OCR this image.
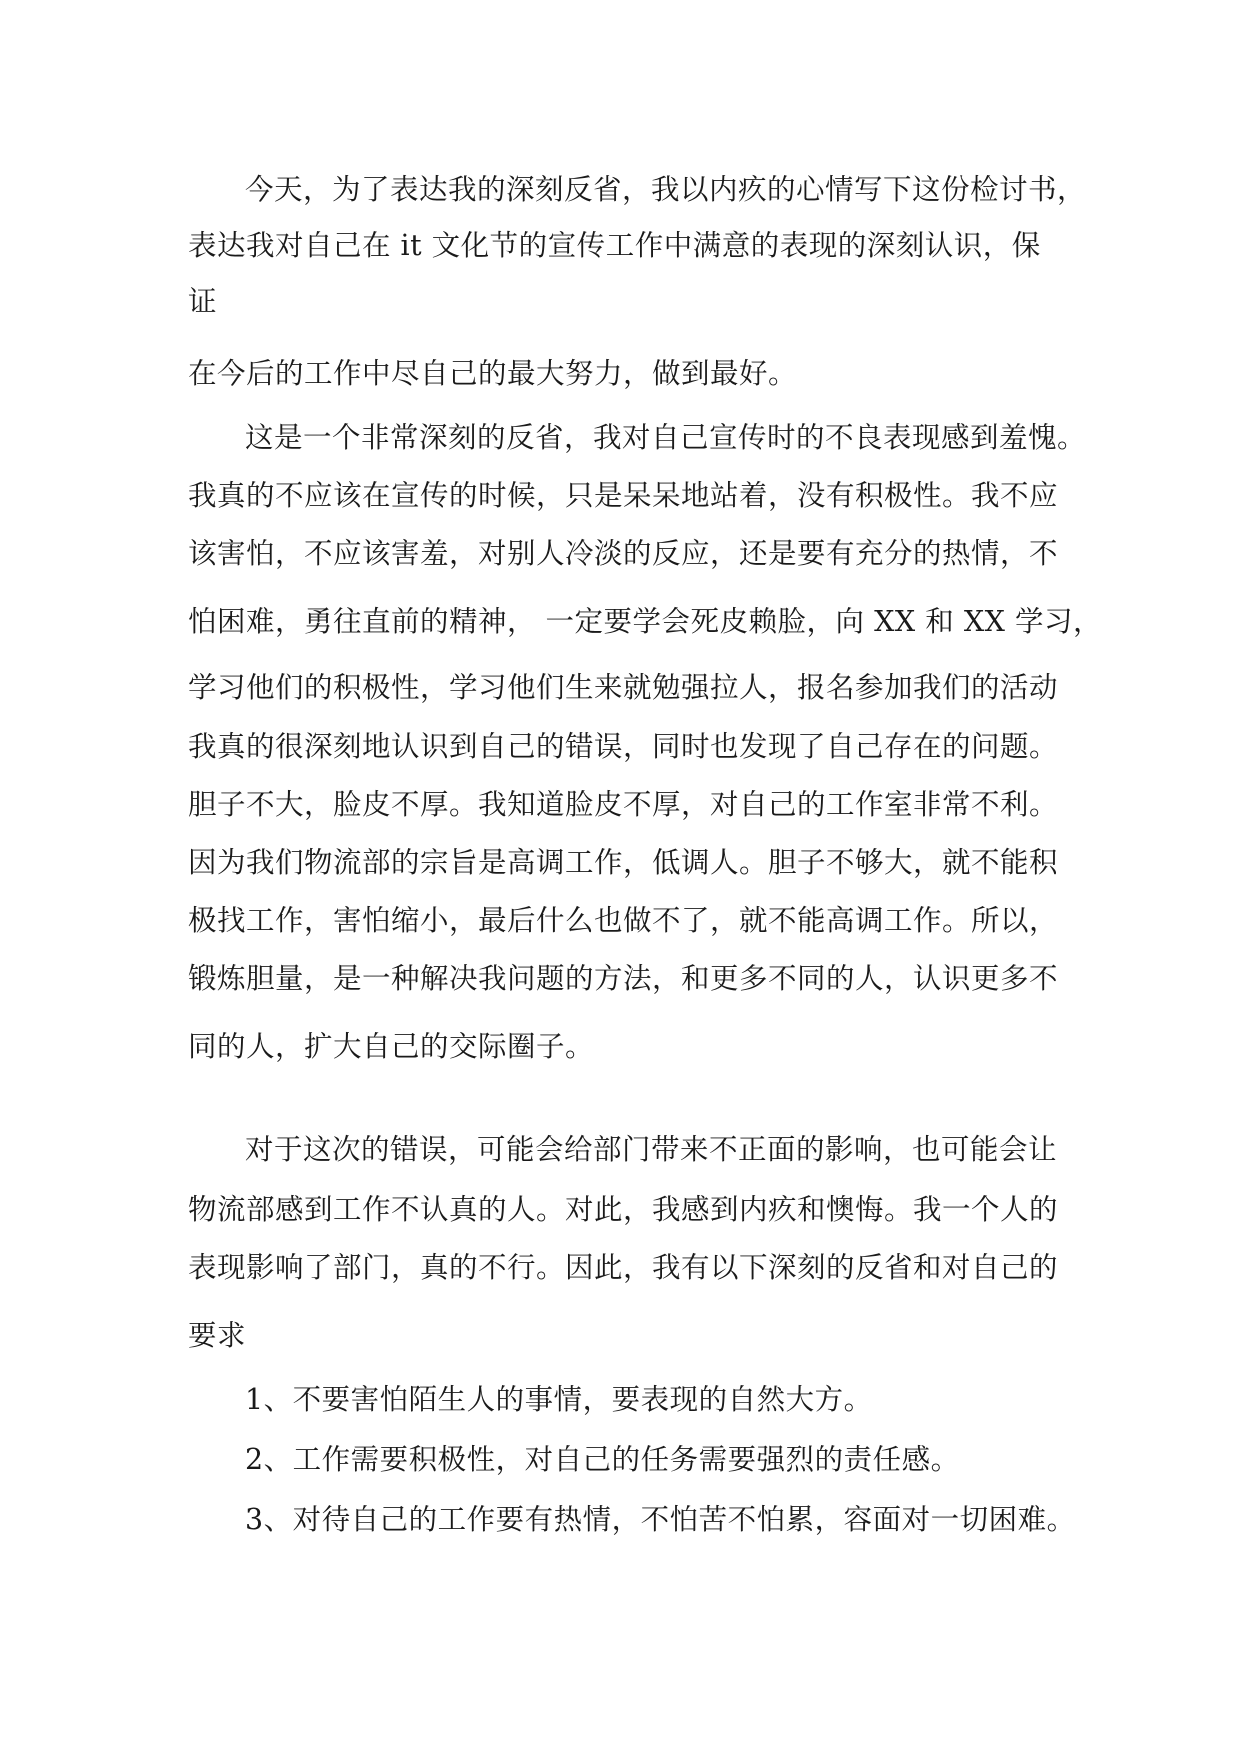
今天，为了表达我的深刻反省，我以内疚的心情写下这份检讨书，
表达我对自己在 it 文化节的宣传工作中满意的表现的深刻认识，保
证
在今后的工作中尽自己的最大努力，做到最好。
这是一个非常深刻的反省，我对自己宣传时的不良表现感到羞愧。
我真的不应该在宣传的时候，只是呆呆地站着，没有积极性。我不应
该害怕，不应该害羞，对别人冷淡的反应，还是要有充分的热情，不
怕困难，勇往直前的精神， 一定要学会死皮赖脸，向 XX 和 XX 学习，
学习他们的积极性，学习他们生来就勉强拉人，报名参加我们的活动
我真的很深刻地认识到自己的错误，同时也发现了自己存在的问题。
胆子不大，脸皮不厚。我知道脸皮不厚，对自己的工作室非常不利。
因为我们物流部的宗旨是高调工作，低调人。胆子不够大，就不能积
极找工作，害怕缩小，最后什么也做不了，就不能高调工作。所以，
锻炼胆量，是一种解决我问题的方法，和更多不同的人，认识更多不
同的人，扩大自己的交际圈子。
对于这次的错误，可能会给部门带来不正面的影响，也可能会让
物流部感到工作不认真的人。对此，我感到内疚和懊悔。我一个人的
表现影响了部门，真的不行。因此，我有以下深刻的反省和对自己的
要求
1、不要害怕陌生人的事情，要表现的自然大方。
2、工作需要积极性，对自己的任务需要强烈的责任感。
3、对待自己的工作要有热情，不怕苦不怕累，容面对一切困难。
